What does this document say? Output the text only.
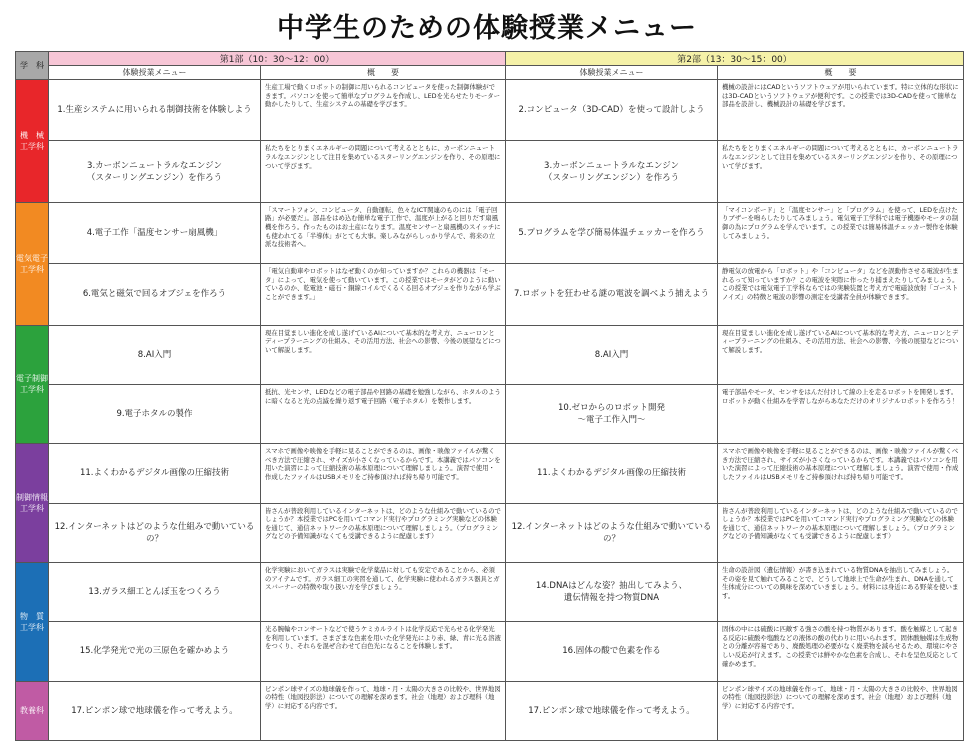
中学生のための体験授業メニュー
学　科	第1部（10：30〜12：00）		第2部（13：30〜15：00）	
	体験授業メニュー	概　　要	体験授業メニュー	概　　要

機　械
工学科	1.生産システムに用いられる制御技術を体験しよう	生産工場で動くロボットの制御に用いられるコンピュータを使った制御体験ができます。パソコンを使って簡単なプログラムを作成し、LEDを光らせたりモーター動かしたりして、生産システムの基礎を学びます。	2.コンピュータ（3D-CAD）を使って設計しよう	機械の設計にはCADというソフトウェアが用いられています。特に立体的な形状には3D-CADというソフトウェアが便利です。この授業では3D-CADを使って簡単な部品を設計し、機械設計の基礎を学びます。

	3.カーボンニュートラルなエンジン
（スターリングエンジン）を作ろう	私たちをとりまくエネルギーの問題について考えるとともに、カーボンニュートラルなエンジンとして注目を集めているスターリングエンジンを作り、その原理について学びます。	3.カーボンニュートラルなエンジン
（スターリングエンジン）を作ろう	私たちをとりまくエネルギーの問題について考えるとともに、カーボンニュートラルなエンジンとして注目を集めているスターリングエンジンを作り、その原理について学びます。

電気電子
工学科	4.電子工作「温度センサー扇風機」	「スマートフォン、コンピュータ、自動運転、色々なICT関連のものには「電子回路」が必要だ」。部品をはめ込む簡単な電子工作で、温度が上がると回りだす扇風機を作ろう。作ったものはお土産になります。温度センサーと扇風機のスイッチにも使われてる「半導体」がとても大事。楽しみながらしっかり学んで、将来の立派な技術者へ。	5.プログラムを学び簡易体温チェッカーを作ろう	「マイコンボード」と「温度センサー」と「プログラム」を使って、LEDを点けたりブザーを鳴らしたりしてみましょう。電気電子工学科では電子機器やモータの制御の為にプログラムを学んでいます。この授業では簡易体温チェッカー製作を体験してみましょう。

	6.電気と磁気で回るオブジェを作ろう	「電気自動車やロボットはなぜ動くのか知っていますか？これらの機器は「モータ」によって、電気を使って動いています。この授業ではモータがどのように動いているのか、乾電池・磁石・銅線コイルでくるくる回るオブジェを作りながら学ぶことができます。」	7.ロボットを狂わせる謎の電波を調べよう捕えよう	静電気の放電から「ロボット」や「コンピュータ」などを誤動作させる電波が生まれるって知っていますか？この電波を実際に作ったり捕まえたりしてみましょう。この授業では電気電子工学科ならではの実験装置と考え方で電磁波放射「ゴーストノイズ」の特徴と電波の影響の測定を受講者全員が体験できます。

電子制御
工学科	8.AI入門	現在目覚ましい進化を成し遂げているAIについて基本的な考え方、ニューロンとディープラーニングの仕組み、その活用方法、社会への影響、今後の展望などについて解説します。	8.AI入門	現在目覚ましい進化を成し遂げているAIについて基本的な考え方、ニューロンとディープラーニングの仕組み、その活用方法、社会への影響、今後の展望などについて解説します。

	9.電子ホタルの製作	抵抗、光センサ、LEDなどの電子部品や回路の基礎を勉強しながら、ホタルのように暗くなると光の点滅を繰り返す電子回路（電子ホタル）を製作します。	10.ゼロからのロボット開発
〜電子工作入門〜	電子部品やモータ、センサをはんだ付けして線の上を走るロボットを開発します。ロボットが動く仕組みを学習しながらあなただけのオリジナルロボットを作ろう！

制御情報
工学科	11.よくわかるデジタル画像の圧縮技術	スマホで画像や映像を手軽に見ることができるのは、画像・映像ファイルが驚くべき方法で圧縮され、サイズが小さくなっているからです。本講義ではパソコンを用いた演習によって圧縮技術の基本原理について理解しましょう。演習で使用・作成したファイルはUSBメモリをご持参頂ければ持ち帰り可能です。	11.よくわかるデジタル画像の圧縮技術	スマホで画像や映像を手軽に見ることができるのは、画像・映像ファイルが驚くべき方法で圧縮され、サイズが小さくなっているからです。本講義ではパソコンを用いた演習によって圧縮技術の基本原理について理解しましょう。演習で使用・作成したファイルはUSBメモリをご持参頂ければ持ち帰り可能です。

	12.インターネットはどのような仕組みで動いているの？	皆さんが普段利用しているインターネットは、どのような仕組みで動いているのでしょうか？本授業ではPCを用いてコマンド実行やプログラミング実験などの体験を通じて、通信ネットワークの基本原理について理解しましょう。（プログラミングなどの予備知識がなくても受講できるように配慮します）	12.インターネットはどのような仕組みで動いているの？	皆さんが普段利用しているインターネットは、どのような仕組みで動いているのでしょうか？本授業ではPCを用いてコマンド実行やプログラミング実験などの体験を通じて、通信ネットワークの基本原理について理解しましょう。（プログラミングなどの予備知識がなくても受講できるように配慮します）

物　質
工学科	13.ガラス細工とんぼ玉をつくろう	化学実験においてガラスは実験で化学薬品に対しても安定であることから、必須のアイテムです。ガラス細工の実習を通して、化学実験に使われるガラス器具とガスバーナーの特徴や取り扱い方を学びましょう。	14.DNAはどんな姿？抽出してみよう、
遺伝情報を持つ物質DNA	生命の設計図（遺伝情報）が書き込まれている物質DNAを抽出してみましょう。その姿を見て触れてみることで、どうして地球上で生命が生まれ、DNAを通して生体成分についての興味を深めていきましょう。材料には身近にある野菜を使います。

	15.化学発光で光の三原色を確かめよう	光る腕輪やコンサートなどで使うケミカルライトは化学反応で光らせる化学発光を利用しています。さまざまな色素を用いた化学発光により赤、緑、青に光る溶液をつくり、それらを混ぜ合わせて白色光になることを体験します。	16.固体の酸で色素を作る	固体の中には硫酸に匹敵する強さの酸を持つ物質があります。酸を触媒として起きる反応に硫酸や塩酸などの液体の酸の代わりに用いられます。固体酸触媒は生成物との分離が容易であり、廃酸処理の必要がなく廃業物を減らせるため、環境にやさしい反応が行えます。この授業では鮮やかな色素を合成し、それを呈色反応として確かめます。

教養科	17.ピンポン球で地球儀を作って考えよう。	ピンポン球サイズの地球儀を作って、地球・月・太陽の大きさの比較や、世界地図の特性（地図投影法）についての理解を深めます。社会（地理）および理科（地学）に対応する内容です。	17.ピンポン球で地球儀を作って考えよう。	ピンポン球サイズの地球儀を作って、地球・月・太陽の大きさの比較や、世界地図の特性（地図投影法）についての理解を深めます。社会（地理）および理科（地学）に対応する内容です。
